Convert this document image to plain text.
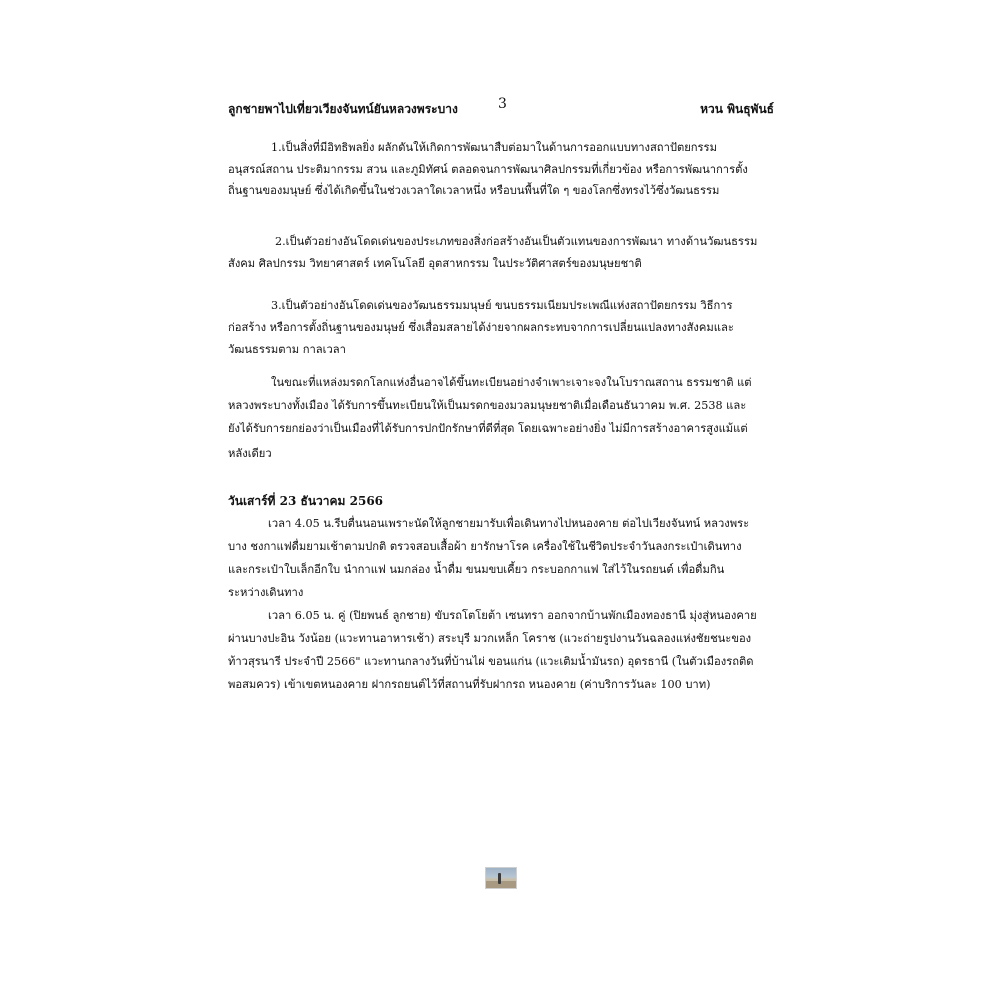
ลูกชายพาไปเที่ยวเวียงจันทน์ยันหลวงพระบาง	3	หวน พินธุพันธ์
1.เป็นสิ่งที่มีอิทธิพลยิ่ง ผลักดันให้เกิดการพัฒนาสืบต่อมาในด้านการออกแบบทางสถาปัตยกรรม
อนุสรณ์สถาน ประติมากรรม สวน และภูมิทัศน์ ตลอดจนการพัฒนาศิลปกรรมที่เกี่ยวข้อง หรือการพัฒนาการตั้ง
ถิ่นฐานของมนุษย์ ซึ่งได้เกิดขึ้นในช่วงเวลาใดเวลาหนึ่ง หรือบนพื้นที่ใด ๆ ของโลกซึ่งทรงไว้ซึ่งวัฒนธรรม
2.เป็นตัวอย่างอันโดดเด่นของประเภทของสิ่งก่อสร้างอันเป็นตัวแทนของการพัฒนา ทางด้านวัฒนธรรม
สังคม ศิลปกรรม วิทยาศาสตร์ เทคโนโลยี อุตสาหกรรม ในประวัติศาสตร์ของมนุษยชาติ
3.เป็นตัวอย่างอันโดดเด่นของวัฒนธรรมมนุษย์ ขนบธรรมเนียมประเพณีแห่งสถาปัตยกรรม วิธีการ
ก่อสร้าง หรือการตั้งถิ่นฐานของมนุษย์ ซึ่งเสื่อมสลายได้ง่ายจากผลกระทบจากการเปลี่ยนแปลงทางสังคมและ
วัฒนธรรมตาม กาลเวลา
ในขณะที่แหล่งมรดกโลกแห่งอื่นอาจได้ขึ้นทะเบียนอย่างจำเพาะเจาะจงในโบราณสถาน ธรรมชาติ แต่
หลวงพระบางทั้งเมือง ได้รับการขึ้นทะเบียนให้เป็นมรดกของมวลมนุษยชาติเมื่อเดือนธันวาคม พ.ศ. 2538 และ
ยังได้รับการยกย่องว่าเป็นเมืองที่ได้รับการปกปักรักษาที่ดีที่สุด โดยเฉพาะอย่างยิ่ง ไม่มีการสร้างอาคารสูงแม้แต่
หลังเดียว
วันเสาร์ที่ 23 ธันวาคม 2566
เวลา 4.05 น.รีบตื่นนอนเพราะนัดให้ลูกชายมารับเพื่อเดินทางไปหนองคาย ต่อไปเวียงจันทน์ หลวงพระ
บาง ชงกาแฟดื่มยามเช้าตามปกติ ตรวจสอบเสื้อผ้า ยารักษาโรค เครื่องใช้ในชีวิตประจำวันลงกระเป๋าเดินทาง
และกระเป๋าใบเล็กอีกใบ นำกาแฟ นมกล่อง น้ำดื่ม ขนมขบเคี้ยว กระบอกกาแฟ ใส่ไว้ในรถยนต์ เพื่อดื่มกิน
ระหว่างเดินทาง
เวลา 6.05 น. คู่ (ปิยพนธ์ ลูกชาย) ขับรถโตโยต้า เซนทรา ออกจากบ้านพักเมืองทองธานี มุ่งสู่หนองคาย
ผ่านบางปะอิน วังน้อย (แวะทานอาหารเช้า) สระบุรี มวกเหล็ก โคราช (แวะถ่ายรูปงานวันฉลองแห่งชัยชนะของ
ท้าวสุรนารี ประจำปี 2566" แวะทานกลางวันที่บ้านไผ่ ขอนแก่น (แวะเติมน้ำมันรถ) อุดรธานี (ในตัวเมืองรถติด
พอสมควร) เข้าเขตหนองคาย ฝากรถยนต์ไว้ที่สถานที่รับฝากรถ หนองคาย (ค่าบริการวันละ 100 บาท)
